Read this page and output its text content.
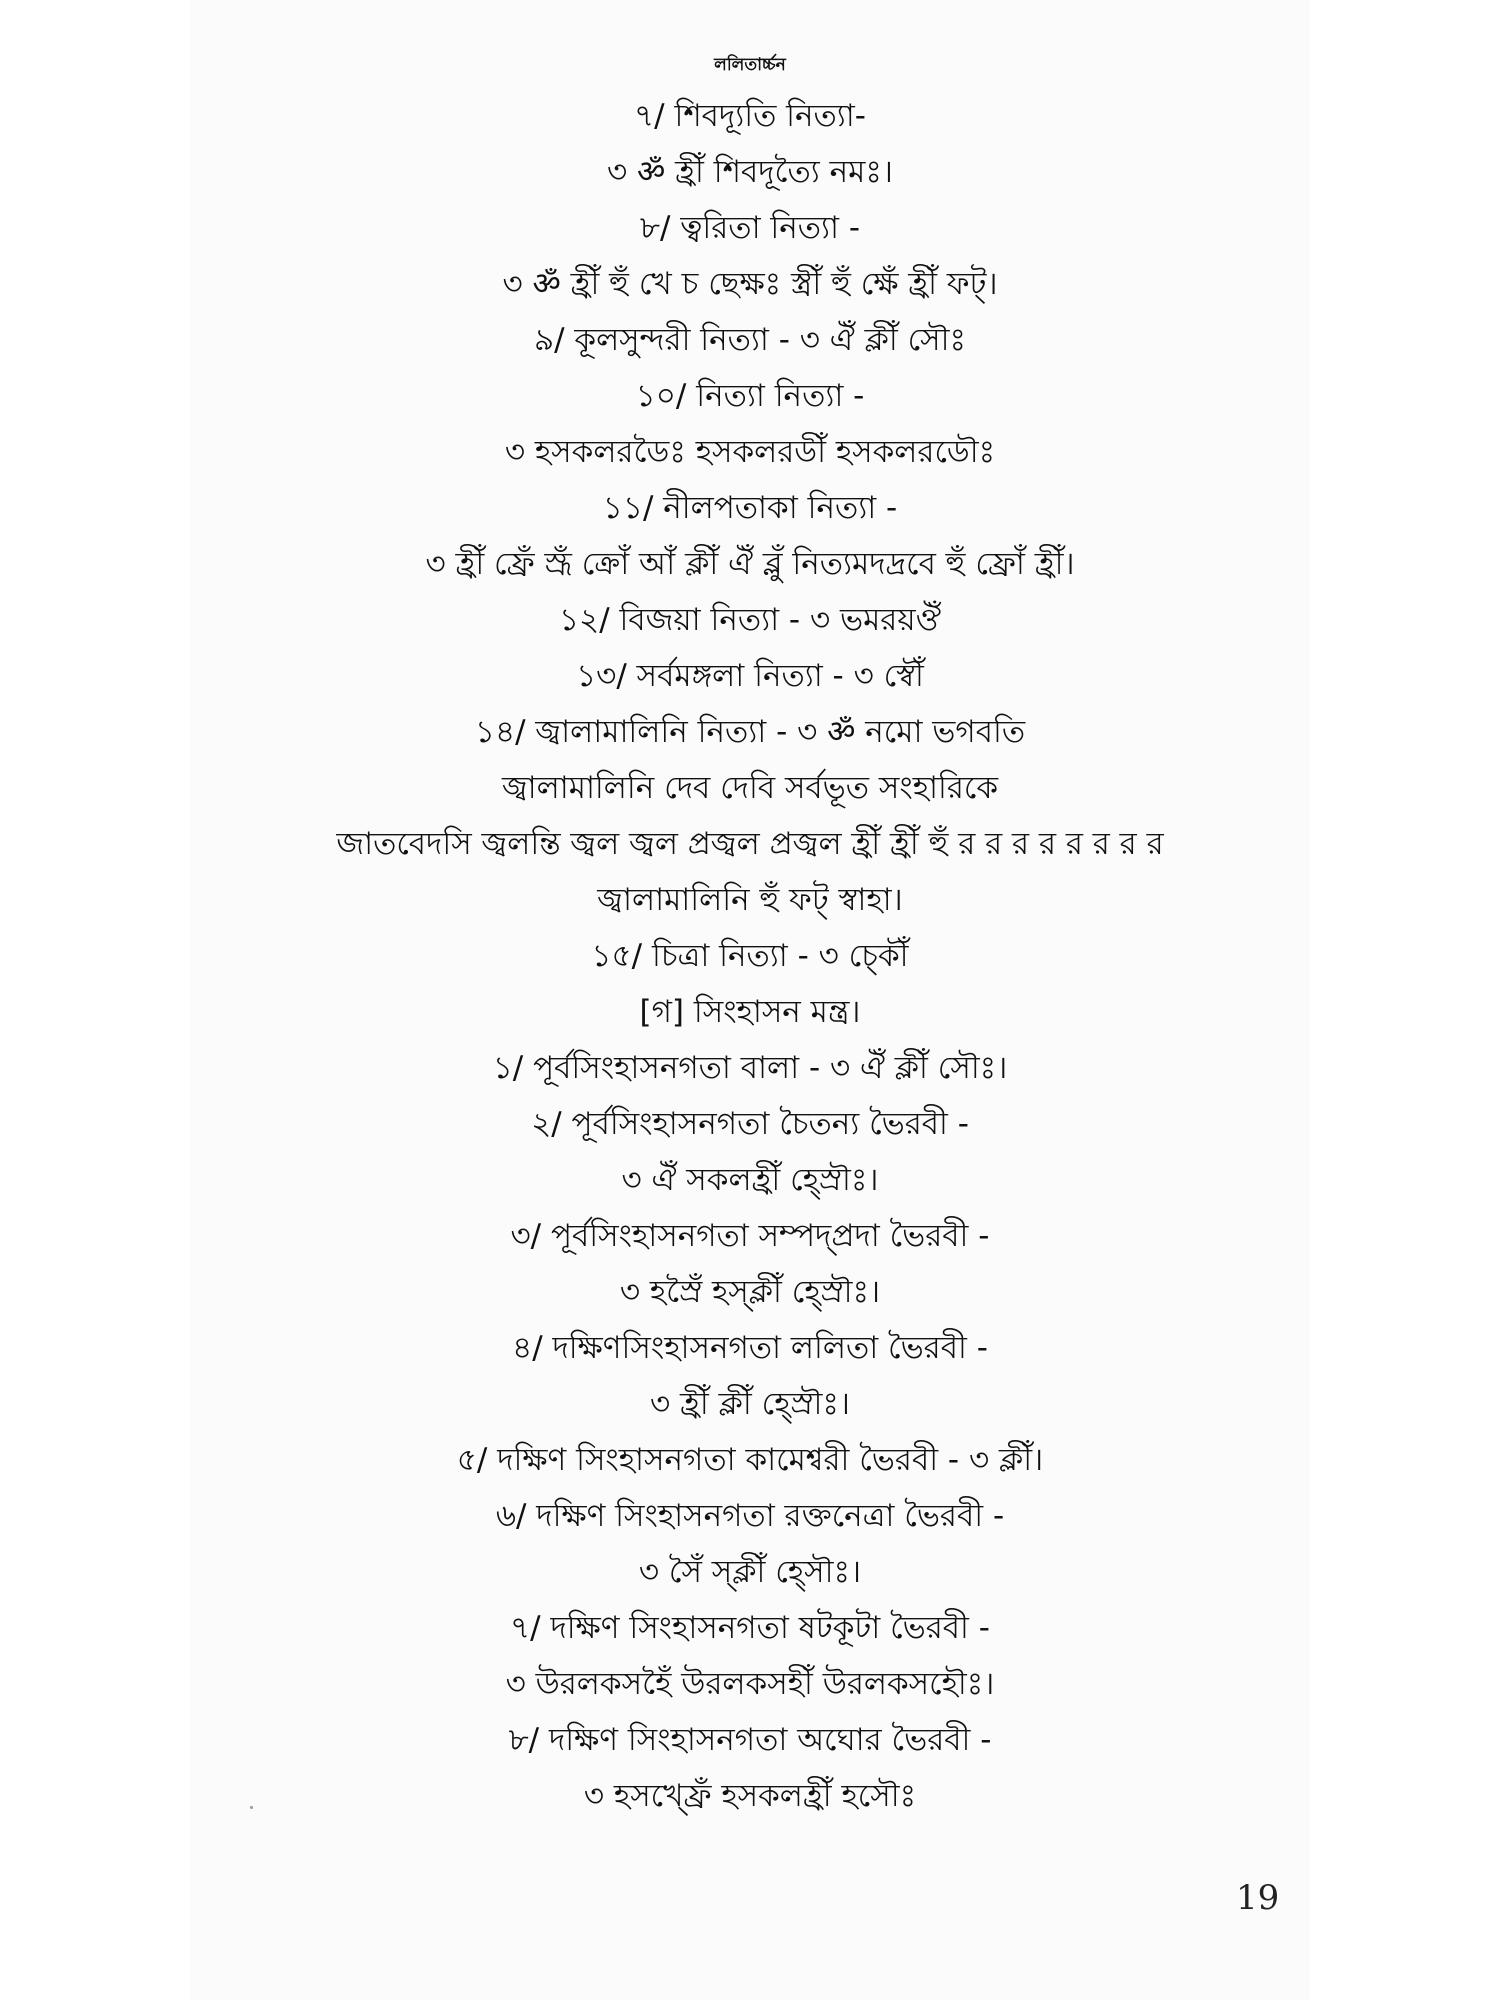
ললিতার্চ্চন
৭/ শিবদ্যূতি নিত্যা-
৩ ॐ হ্রীঁ শিবদূত্যৈ নমঃ।
৮/ ত্বরিতা নিত্যা -
৩ ॐ হ্রীঁ হুঁ খে চ ছেক্ষঃ স্ত্রীঁ হুঁ ক্ষেঁ হ্রীঁ ফট্।
৯/ কূলসুন্দরী নিত্যা - ৩ ঐঁ ক্লীঁ সৌঃ
১০/ নিত্যা নিত্যা -
৩ হসকলরডৈঃ হসকলরডীঁ হসকলরডৌঃ
১১/ নীলপতাকা নিত্যা -
৩ হ্রীঁ ফ্রেঁ স্রূঁ ক্রোঁ আঁ ক্লীঁ ঐঁ ব্লুঁ নিত্যমদদ্রবে হুঁ ফ্রোঁ হ্রীঁ।
১২/ বিজয়া নিত্যা - ৩ ভমরয়ঔঁ
১৩/ সর্বমঙ্গলা নিত্যা - ৩ স্বৌঁ
১৪/ জ্বালামালিনি নিত্যা - ৩ ॐ নমো ভগবতি
জ্বালামালিনি দেব দেবি সর্বভূত সংহারিকে
জাতবেদসি জ্বলন্তি জ্বল জ্বল প্রজ্বল প্রজ্বল হ্রীঁ হ্রীঁ হুঁ র র র র র র র র
জ্বালামালিনি হুঁ ফট্ স্বাহা।
১৫/ চিত্রা নিত্যা - ৩ চ্কৌঁ
[গ] সিংহাসন মন্ত্র।
১/ পূর্বসিংহাসনগতা বালা - ৩ ঐঁ ক্লীঁ সৌঃ।
২/ পূর্বসিংহাসনগতা চৈতন্য ভৈরবী -
৩ ঐঁ সকলহ্রীঁ হ্স্রৌঃ।
৩/ পূর্বসিংহাসনগতা সম্পদ্প্রদা ভৈরবী -
৩ হস্রৈঁ হস্ক্লীঁ হ্স্রৌঃ।
৪/ দক্ষিণসিংহাসনগতা ললিতা ভৈরবী -
৩ হ্রীঁ ক্লীঁ হ্স্রৌঃ।
৫/ দক্ষিণ সিংহাসনগতা কামেশ্বরী ভৈরবী - ৩ ক্লীঁ।
৬/ দক্ষিণ সিংহাসনগতা রক্তনেত্রা ভৈরবী -
৩ সৈঁ স্ক্লীঁ হ্সৌঃ।
৭/ দক্ষিণ সিংহাসনগতা ষটকূটা ভৈরবী -
৩ উরলকসহৈঁ উরলকসহীঁ উরলকসহৌঃ।
৮/ দক্ষিণ সিংহাসনগতা অঘোর ভৈরবী -
৩ হসখ্ফ্রেঁ হসকলহ্রীঁ হসৌঃ
19
